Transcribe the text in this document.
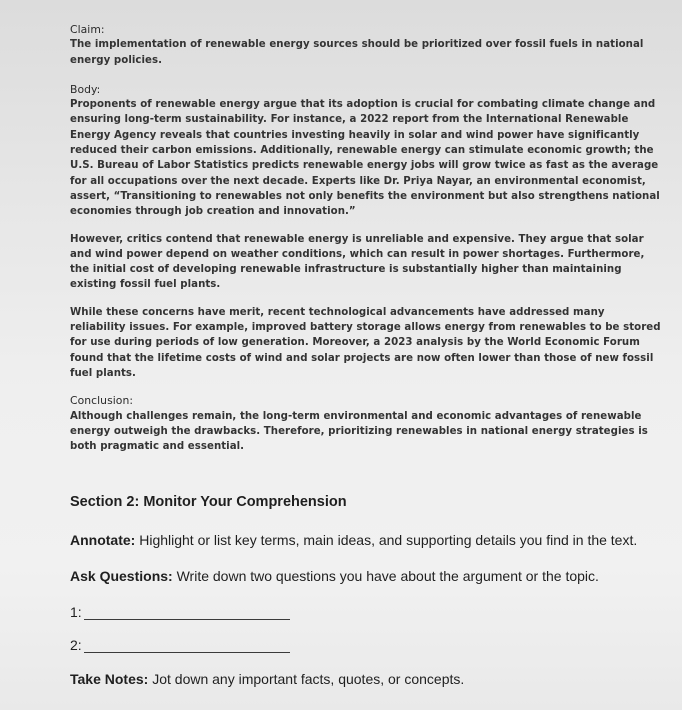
Claim:

The implementation of renewable energy sources should be prioritized over fossil fuels in national energy policies.

Body:

Proponents of renewable energy argue that its adoption is crucial for combating climate change and ensuring long-term sustainability. For instance, a 2022 report from the International Renewable Energy Agency reveals that countries investing heavily in solar and wind power have significantly reduced their carbon emissions. Additionally, renewable energy can stimulate economic growth; the U.S. Bureau of Labor Statistics predicts renewable energy jobs will grow twice as fast as the average for all occupations over the next decade. Experts like Dr. Priya Nayar, an environmental economist, assert, “Transitioning to renewables not only benefits the environment but also strengthens national economies through job creation and innovation.”

However, critics contend that renewable energy is unreliable and expensive. They argue that solar and wind power depend on weather conditions, which can result in power shortages. Furthermore, the initial cost of developing renewable infrastructure is substantially higher than maintaining existing fossil fuel plants.

While these concerns have merit, recent technological advancements have addressed many reliability issues. For example, improved battery storage allows energy from renewables to be stored for use during periods of low generation. Moreover, a 2023 analysis by the World Economic Forum found that the lifetime costs of wind and solar projects are now often lower than those of new fossil fuel plants.

Conclusion:

Although challenges remain, the long-term environmental and economic advantages of renewable energy outweigh the drawbacks. Therefore, prioritizing renewables in national energy strategies is both pragmatic and essential.

Section 2: Monitor Your Comprehension

Annotate: Highlight or list key terms, main ideas, and supporting details you find in the text.

Ask Questions: Write down two questions you have about the argument or the topic.

1:
2:

Take Notes: Jot down any important facts, quotes, or concepts.
